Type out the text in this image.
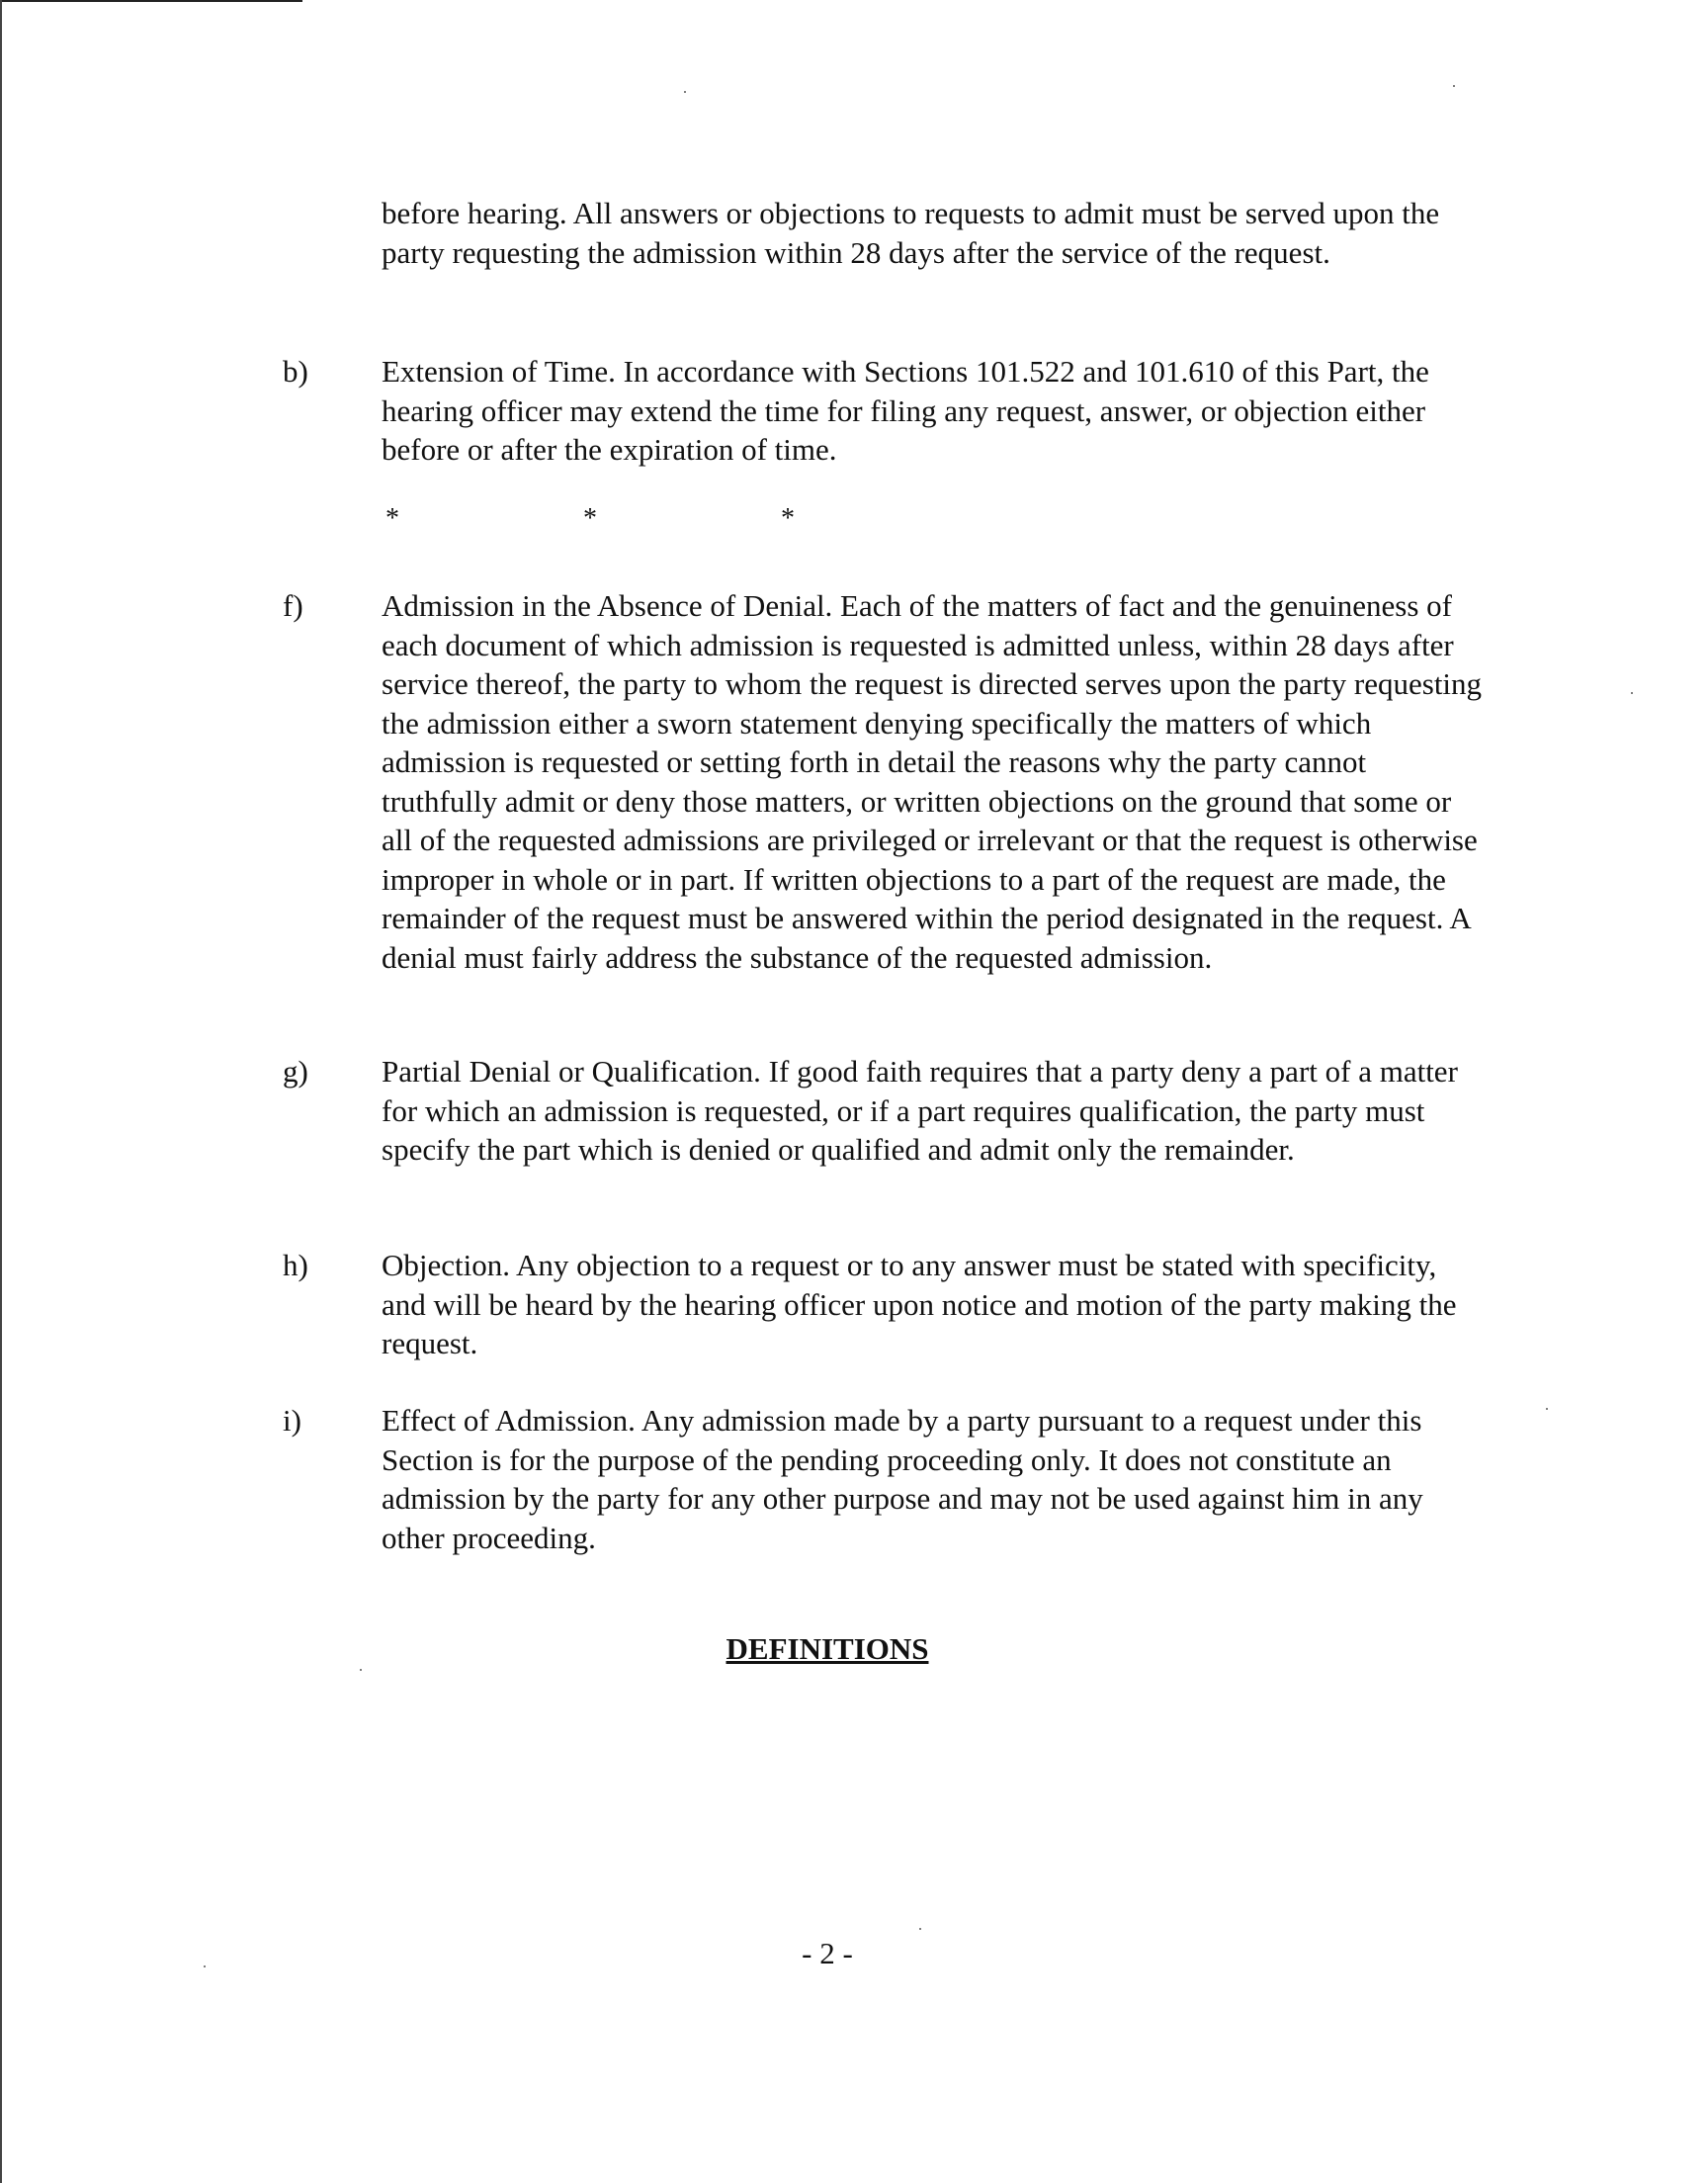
before hearing. All answers or objections to requests to admit must be served upon the party requesting the admission within 28 days after the service of the request.

b) Extension of Time. In accordance with Sections 101.522 and 101.610 of this Part, the hearing officer may extend the time for filing any request, answer, or objection either before or after the expiration of time.

*	*	*
f)	Admission in the Absence of Denial. Each of the matters of fact and the genuineness of each document of which admission is requested is admitted unless, within 28 days after service thereof, the party to whom the request is directed serves upon the party requesting the admission either a sworn statement denying specifically the matters of which admission is requested or setting forth in detail the reasons why the party cannot truthfully admit or deny those matters, or written objections on the ground that some or all of the requested admissions are privileged or irrelevant or that the request is otherwise improper in whole or in part. If written objections to a part of the request are made, the remainder of the request must be answered within the period designated in the request. A denial must fairly address the substance of the requested admission.

g) Partial Denial or Qualification. If good faith requires that a party deny a part of a matter for which an admission is requested, or if a part requires qualification, the party must specify the part which is denied or qualified and admit only the remainder.

h) Objection. Any objection to a request or to any answer must be stated with specificity, and will be heard by the hearing officer upon notice and motion of the party making the request.

i)	Effect of Admission. Any admission made by a party pursuant to a request under this Section is for the purpose of the pending proceeding only. It does not constitute an admission by the party for any other purpose and may not be used against him in any other proceeding.

DEFINITIONS
- 2 -
